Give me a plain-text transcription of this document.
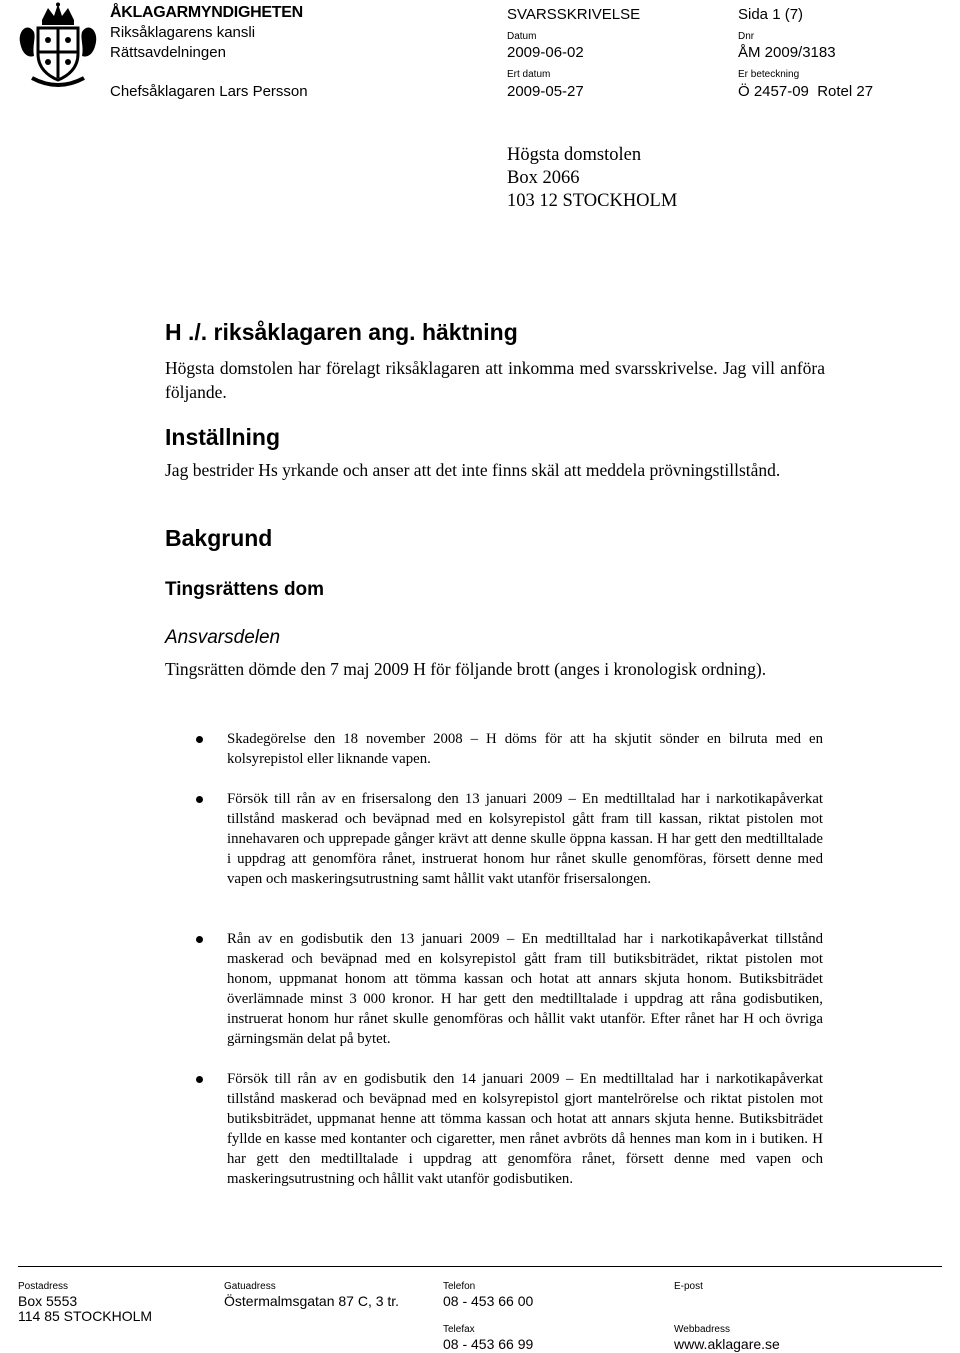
ÅKLAGARMYNDIGHETEN
Riksåklagarens kansli
Rättsavdelningen
Chefsåklagaren Lars Persson
SVARSSKRIVELSE
Datum
2009-06-02
Ert datum
2009-05-27
Sida 1 (7)
Dnr
ÅM 2009/3183
Er beteckning
Ö 2457-09  Rotel 27
Högsta domstolen
Box 2066
103 12 STOCKHOLM
H ./. riksåklagaren ang. häktning
Högsta domstolen har förelagt riksåklagaren att inkomma med svarsskrivelse. Jag vill anföra följande.
Inställning
Jag bestrider Hs yrkande och anser att det inte finns skäl att meddela prövningstillstånd.
Bakgrund
Tingsrättens dom
Ansvarsdelen
Tingsrätten dömde den 7 maj 2009 H för följande brott (anges i kronologisk ordning).
Skadegörelse den 18 november 2008 – H döms för att ha skjutit sönder en bilruta med en kolsyrepistol eller liknande vapen.
Försök till rån av en frisersalong den 13 januari 2009 – En medtilltalad har i narkotikapåverkat tillstånd maskerad och beväpnad med en kolsyrepistol gått fram till kassan, riktat pistolen mot innehavaren och upprepade gånger krävt att denne skulle öppna kassan. H har gett den medtilltalade i uppdrag att genomföra rånet, instruerat honom hur rånet skulle genomföras, försett denne med vapen och maskeringsutrustning samt hållit vakt utanför frisersalongen.
Rån av en godisbutik den 13 januari 2009 – En medtilltalad har i narkotikapåverkat tillstånd maskerad och beväpnad med en kolsyrepistol gått fram till butiksbiträdet, riktat pistolen mot honom, uppmanat honom att tömma kassan och hotat att annars skjuta honom. Butiksbiträdet överlämnade minst 3 000 kronor. H har gett den medtilltalade i uppdrag att råna godisbutiken, instruerat honom hur rånet skulle genomföras och hållit vakt utanför. Efter rånet har H och övriga gärningsmän delat på bytet.
Försök till rån av en godisbutik den 14 januari 2009 – En medtilltalad har i narkotikapåverkat tillstånd maskerad och beväpnad med en kolsyrepistol gjort mantelrörelse och riktat pistolen mot butiksbiträdet, uppmanat henne att tömma kassan och hotat att annars skjuta henne. Butiksbiträdet fyllde en kasse med kontanter och cigaretter, men rånet avbröts då hennes man kom in i butiken. H har gett den medtilltalade i uppdrag att genomföra rånet, försett denne med vapen och maskeringsutrustning och hållit vakt utanför godisbutiken.
Postadress
Box 5553
114 85 STOCKHOLM
Gatuadress
Östermalmsgatan 87 C, 3 tr.
Telefon
08 - 453 66 00
Telefax
08 - 453 66 99
E-post
Webbadress
www.aklagare.se
